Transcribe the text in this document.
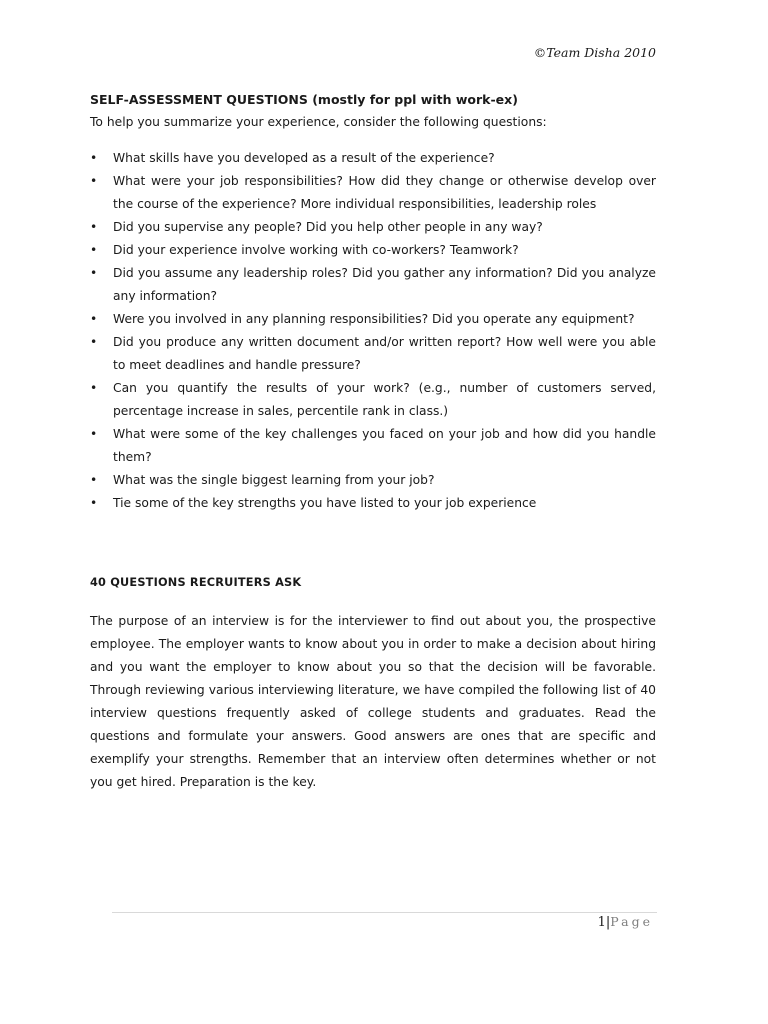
©Team Disha 2010

SELF-ASSESSMENT QUESTIONS (mostly for ppl with work-ex)

To help you summarize your experience, consider the following questions:

• What skills have you developed as a result of the experience?
• What were your job responsibilities? How did they change or otherwise develop over the course of the experience? More individual responsibilities, leadership roles
• Did you supervise any people? Did you help other people in any way?
• Did your experience involve working with co-workers? Teamwork?
• Did you assume any leadership roles? Did you gather any information? Did you analyze any information?
• Were you involved in any planning responsibilities? Did you operate any equipment?
• Did you produce any written document and/or written report? How well were you able to meet deadlines and handle pressure?
• Can you quantify the results of your work? (e.g., number of customers served, percentage increase in sales, percentile rank in class.)
• What were some of the key challenges you faced on your job and how did you handle them?
• What was the single biggest learning from your job?
• Tie some of the key strengths you have listed to your job experience

40 QUESTIONS RECRUITERS ASK

The purpose of an interview is for the interviewer to find out about you, the prospective employee. The employer wants to know about you in order to make a decision about hiring and you want the employer to know about you so that the decision will be favorable. Through reviewing various interviewing literature, we have compiled the following list of 40 interview questions frequently asked of college students and graduates. Read the questions and formulate your answers. Good answers are ones that are specific and exemplify your strengths. Remember that an interview often determines whether or not you get hired. Preparation is the key.

1|Page
